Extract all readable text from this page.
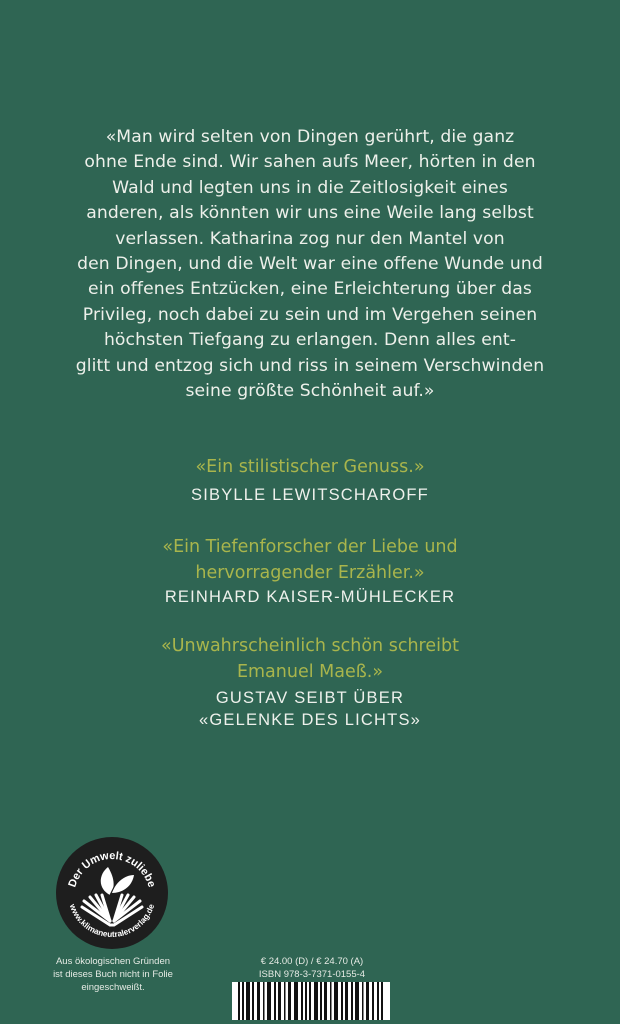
«Man wird selten von Dingen gerührt, die ganz
ohne Ende sind. Wir sahen aufs Meer, hörten in den
Wald und legten uns in die Zeitlosigkeit eines
anderen, als könnten wir uns eine Weile lang selbst
verlassen. Katharina zog nur den Mantel von
den Dingen, und die Welt war eine offene Wunde und
ein offenes Entzücken, eine Erleichterung über das
Privileg, noch dabei zu sein und im Vergehen seinen
höchsten Tiefgang zu erlangen. Denn alles ent-
glitt und entzog sich und riss in seinem Verschwinden
seine größte Schönheit auf.»
«Ein stilistischer Genuss.»
SIBYLLE LEWITSCHAROFF
«Ein Tiefenforscher der Liebe und
hervorragender Erzähler.»
REINHARD KAISER-MÜHLECKER
«Unwahrscheinlich schön schreibt
Emanuel Maeß.»
GUSTAV SEIBT ÜBER
«GELENKE DES LICHTS»
Der Umwelt zuliebe
www.klimaneutralerverlag.de
Aus ökologischen Gründen
ist dieses Buch nicht in Folie
eingeschweißt.
€ 24.00 (D) / € 24.70 (A)
ISBN 978-3-7371-0155-4
